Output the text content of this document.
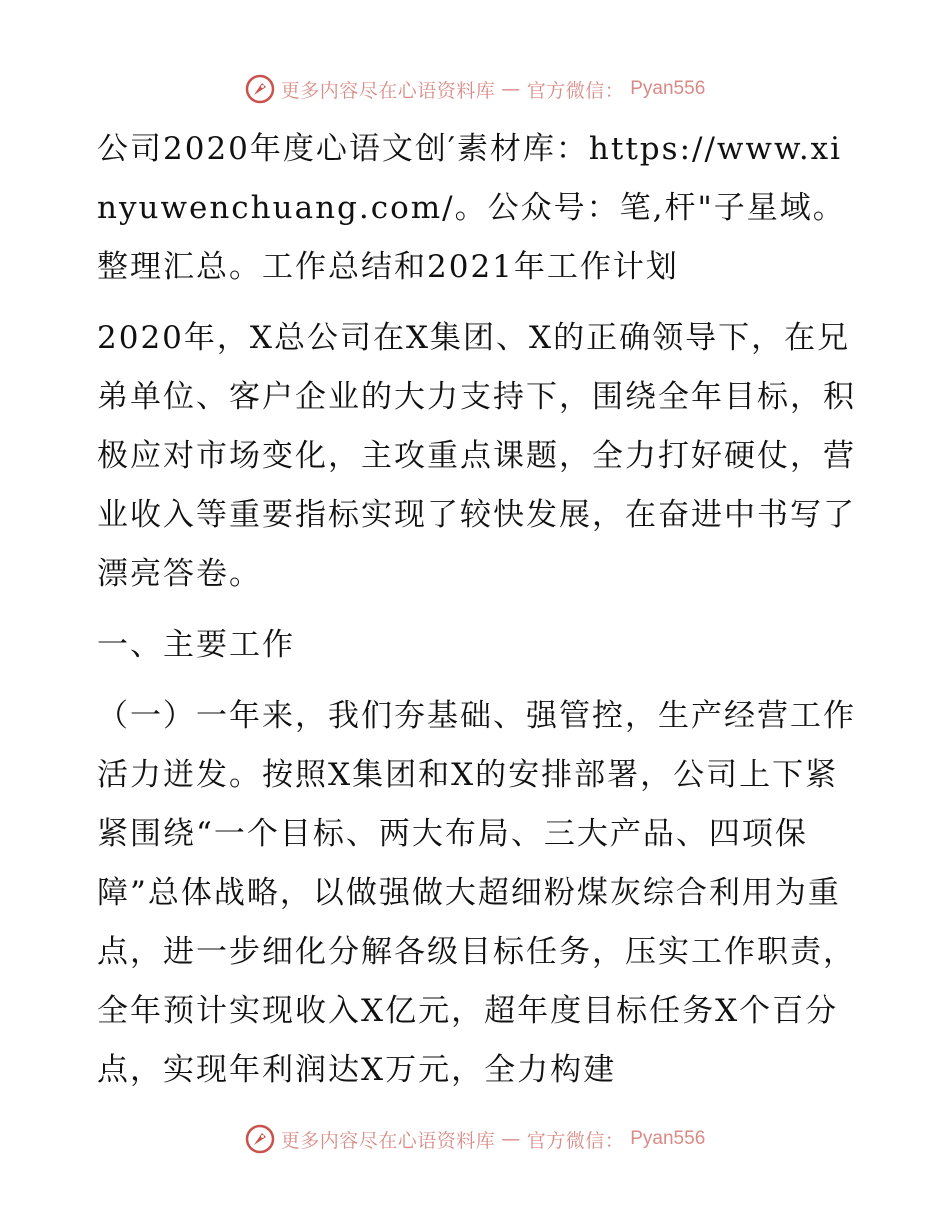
更多内容尽在心语资料库 — 官方微信： Pyan556

公司2020年度心语文创′素材库：https://www.xinyuwenchuang.com/。公众号：笔,杆"子星域。整理汇总。工作总结和2021年工作计划

2020年，X总公司在X集团、X的正确领导下，在兄弟单位、客户企业的大力支持下，围绕全年目标，积极应对市场变化，主攻重点课题，全力打好硬仗，营业收入等重要指标实现了较快发展，在奋进中书写了漂亮答卷。

一、主要工作

（一）一年来，我们夯基础、强管控，生产经营工作活力迸发。按照X集团和X的安排部署，公司上下紧紧围绕“一个目标、两大布局、三大产品、四项保障”总体战略，以做强做大超细粉煤灰综合利用为重点，进一步细化分解各级目标任务，压实工作职责，全年预计实现收入X亿元，超年度目标任务X个百分点，实现年利润达X万元，全力构建

更多内容尽在心语资料库 — 官方微信： Pyan556
